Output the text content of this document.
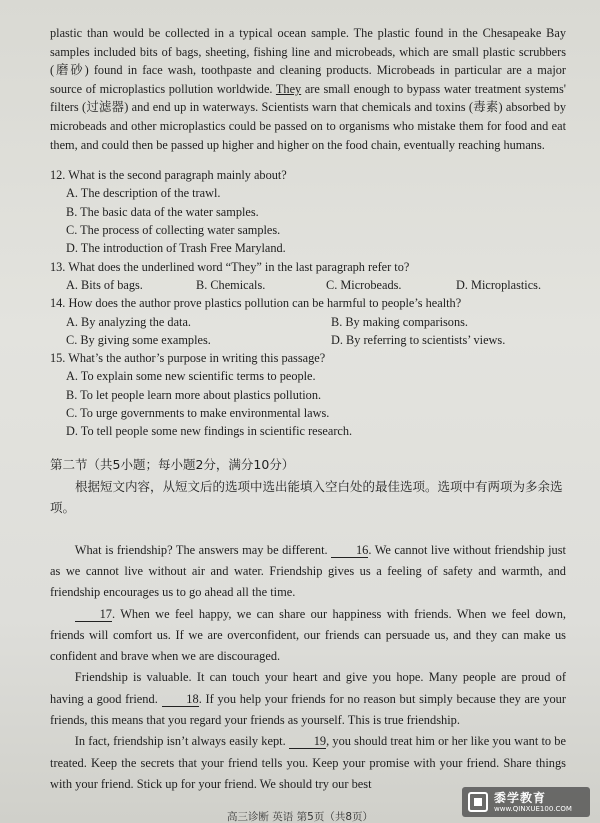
plastic than would be collected in a typical ocean sample. The plastic found in the Chesapeake Bay samples included bits of bags, sheeting, fishing line and microbeads, which are small plastic scrubbers (磨砂) found in face wash, toothpaste and cleaning products. Microbeads in particular are a major source of microplastics pollution worldwide. They are small enough to bypass water treatment systems' filters (过滤器) and end up in waterways. Scientists warn that chemicals and toxins (毒素) absorbed by microbeads and other microplastics could be passed on to organisms who mistake them for food and eat them, and could then be passed up higher and higher on the food chain, eventually reaching humans.

12. What is the second paragraph mainly about?

A. The description of the trawl.

B. The basic data of the water samples.

C. The process of collecting water samples.

D. The introduction of Trash Free Maryland.

13. What does the underlined word “They” in the last paragraph refer to?

A. Bits of bags.	B. Chemicals.	C. Microbeads.	D. Microplastics.

14. How does the author prove plastics pollution can be harmful to people’s health?

A. By analyzing the data.	B. By making comparisons.
C. By giving some examples.	D. By referring to scientists’ views.

15. What’s the author’s purpose in writing this passage?

A. To explain some new scientific terms to people.

B. To let people learn more about plastics pollution.

C. To urge governments to make environmental laws.

D. To tell people some new findings in scientific research.

第二节（共5小题；每小题2分，满分10分）

根据短文内容，从短文后的选项中选出能填入空白处的最佳选项。选项中有两项为多余选项。

What is friendship? The answers may be different. 16. We cannot live without friendship just as we cannot live without air and water. Friendship gives us a feeling of safety and warmth, and friendship encourages us to go ahead all the time.

17. When we feel happy, we can share our happiness with friends. When we feel down, friends will comfort us. If we are overconfident, our friends can persuade us, and they can make us confident and brave when we are discouraged.

Friendship is valuable. It can touch your heart and give you hope. Many people are proud of having a good friend. 18. If you help your friends for no reason but simply because they are your friends, this means that you regard your friends as yourself. This is true friendship.

In fact, friendship isn’t always easily kept. 19, you should treat him or her like you want to be treated. Keep the secrets that your friend tells you. Keep your promise with your friend. Share things with your friend. Stick up for your friend. We should try our best

高三诊断 英语 第5页（共8页）
黍学教育
www.QINXUE100.COM
